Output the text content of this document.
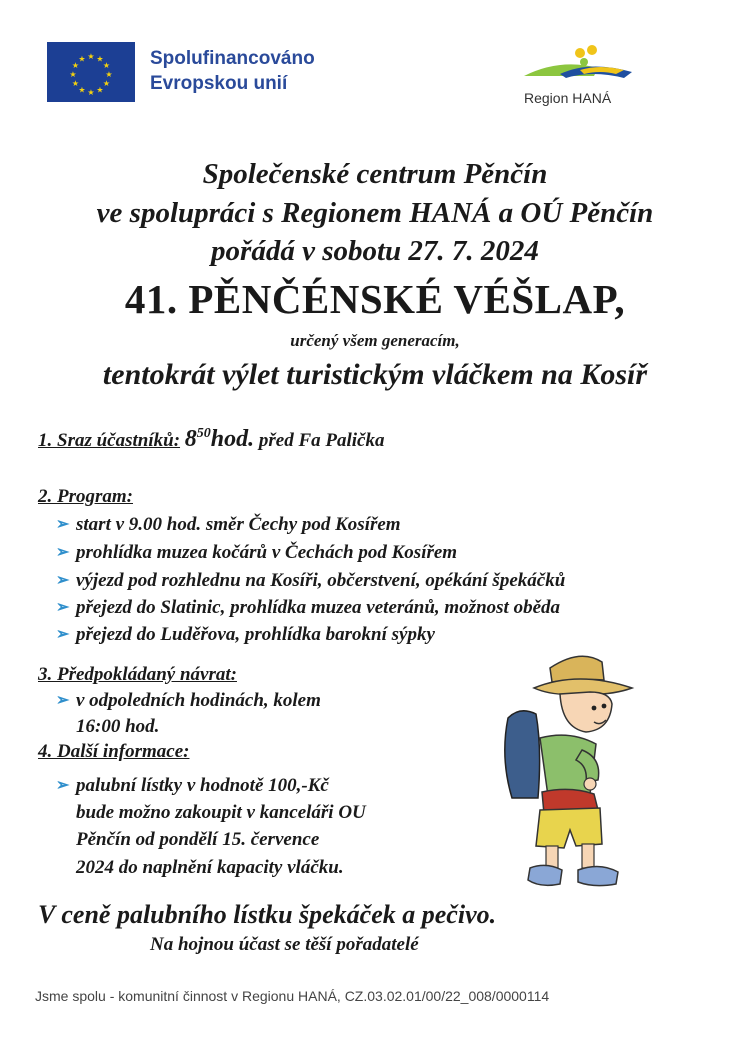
★ ★
★
★
★
★
★
★
★
★
★
★	Spolufinancováno
Evropskou unií
Region HANÁ
Společenské centrum Pěnčín
ve spolupráci s Regionem HANÁ a OÚ Pěnčín
pořádá v sobotu 27. 7. 2024
41. PĚNČÉNSKÉ VÉŠLAP,
určený všem generacím,
tentokrát výlet turistickým vláčkem na Kosíř
1. Sraz účastníků: $8^{50}hod$. před Fa Palička
2. Program:
➢ start v 9.00 hod. směr Čechy pod Kosířem
➢ prohlídka muzea kočárů v Čechách pod Kosířem
➢ výjezd pod rozhlednu na Kosíři, občerstvení, opékání špekáčků
➢ přejezd do Slatinic, prohlídka muzea veteránů, možnost oběda
➢ přejezd do Luděřova, prohlídka barokní sýpky
3. Předpokládaný návrat:
➢ v odpoledních hodinách, kolem
16:00 hod.
4. Další informace:
➢ palubní lístky v hodnotě 100,-Kč
bude možno zakoupit v kanceláři OU
Pěnčín od pondělí 15. července
2024 do naplnění kapacity vláčku.
V ceně palubního lístku špekáček a pečivo.
Na hojnou účast se těší pořadatelé
Jsme spolu - komunitní činnost v Regionu HANÁ, CZ.03.02.01/00/22_008/0000114
